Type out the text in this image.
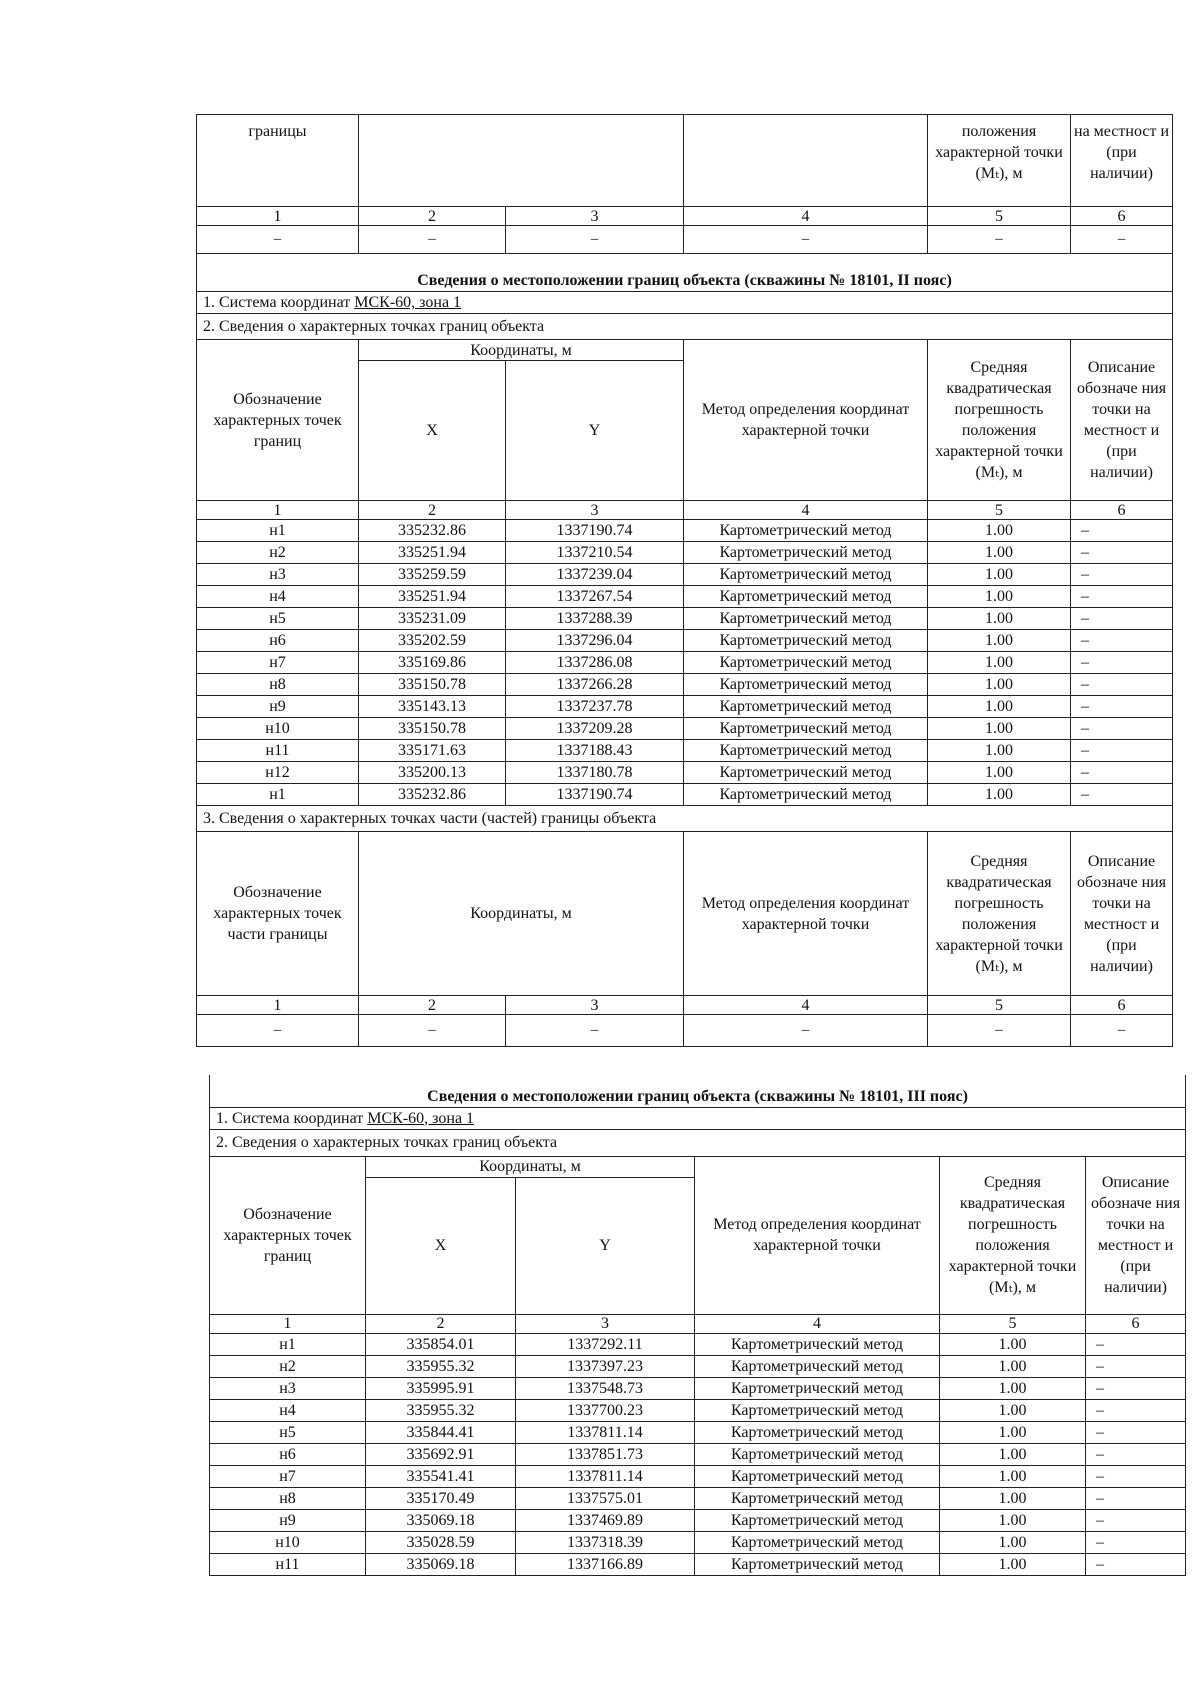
границы				положения характерной точки (Mₜ), м	на местност и (при наличии)
1	2	3	4	5	6
–	–	–	–	–	–
Сведения о местоположении границ объекта (скважины № 18101, II пояс)					
1. Система координат МСК-60, зона 1					
2. Сведения о характерных точках границ объекта					
Обозначение характерных точек границ	Координаты, м		Метод определения координат характерной точки	Средняя квадратическая погрешность положения характерной точки (Mₜ), м	Описание обозначе ния точки на местност и (при наличии)
	X	Y			
1	2	3	4	5	6
н1	335232.86	1337190.74	Картометрический метод	1.00	–
н2	335251.94	1337210.54	Картометрический метод	1.00	–
н3	335259.59	1337239.04	Картометрический метод	1.00	–
н4	335251.94	1337267.54	Картометрический метод	1.00	–
н5	335231.09	1337288.39	Картометрический метод	1.00	–
н6	335202.59	1337296.04	Картометрический метод	1.00	–
н7	335169.86	1337286.08	Картометрический метод	1.00	–
н8	335150.78	1337266.28	Картометрический метод	1.00	–
н9	335143.13	1337237.78	Картометрический метод	1.00	–
н10	335150.78	1337209.28	Картометрический метод	1.00	–
н11	335171.63	1337188.43	Картометрический метод	1.00	–
н12	335200.13	1337180.78	Картометрический метод	1.00	–
н1	335232.86	1337190.74	Картометрический метод	1.00	–
3. Сведения о характерных точках части (частей) границы объекта					
Обозначение характерных точек части границы	Координаты, м		Метод определения координат характерной точки	Средняя квадратическая погрешность положения характерной точки (Mₜ), м	Описание обозначе ния точки на местност и (при наличии)
1	2	3	4	5	6
–	–	–	–	–	–
Сведения о местоположении границ объекта (скважины № 18101, III пояс)					
1. Система координат МСК-60, зона 1					
2. Сведения о характерных точках границ объекта					
Обозначение характерных точек границ	Координаты, м		Метод определения координат характерной точки	Средняя квадратическая погрешность положения характерной точки (Mₜ), м	Описание обозначе ния точки на местност и (при наличии)
	X	Y			
1	2	3	4	5	6
н1	335854.01	1337292.11	Картометрический метод	1.00	–
н2	335955.32	1337397.23	Картометрический метод	1.00	–
н3	335995.91	1337548.73	Картометрический метод	1.00	–
н4	335955.32	1337700.23	Картометрический метод	1.00	–
н5	335844.41	1337811.14	Картометрический метод	1.00	–
н6	335692.91	1337851.73	Картометрический метод	1.00	–
н7	335541.41	1337811.14	Картометрический метод	1.00	–
н8	335170.49	1337575.01	Картометрический метод	1.00	–
н9	335069.18	1337469.89	Картометрический метод	1.00	–
н10	335028.59	1337318.39	Картометрический метод	1.00	–
н11	335069.18	1337166.89	Картометрический метод	1.00	–
